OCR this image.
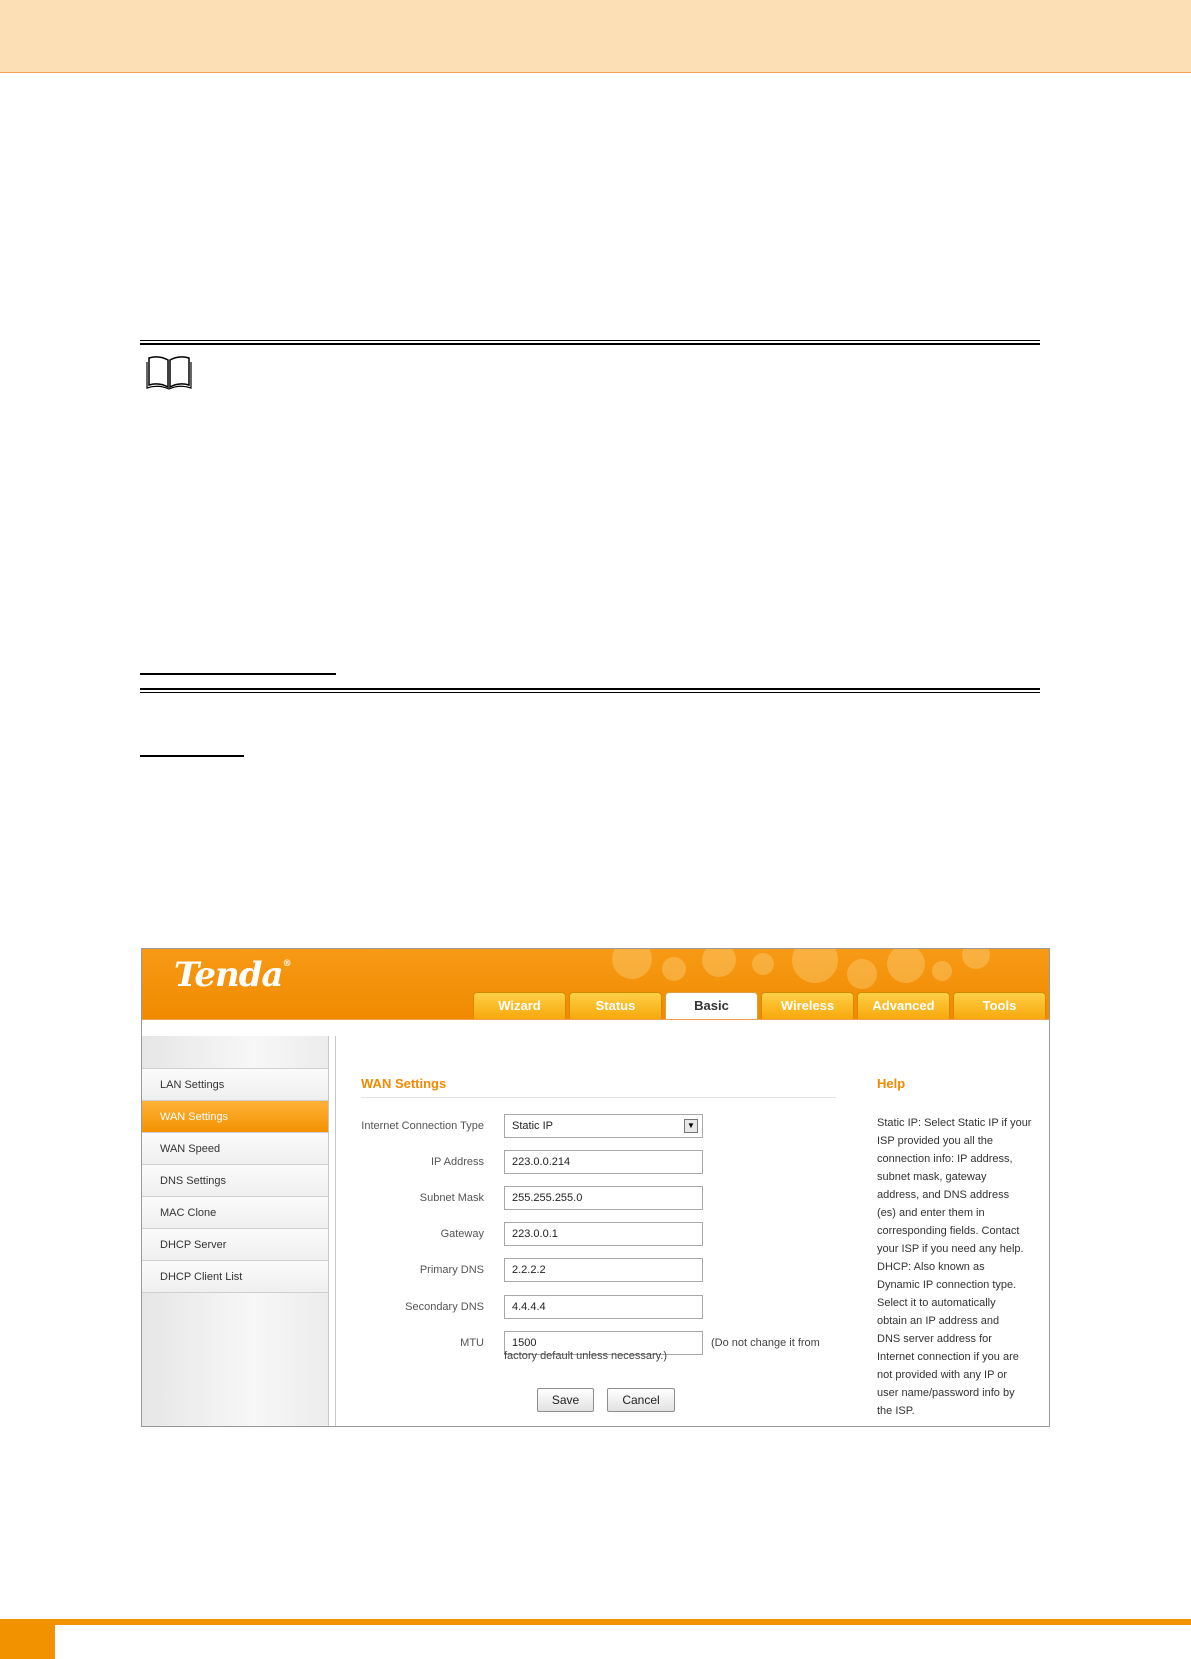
Tenda®
Wizard	Status	Basic	Wireless	Advanced	Tools
LAN Settings
WAN Settings
WAN Speed
DNS Settings
MAC Clone
DHCP Server
DHCP Client List
WAN Settings
Internet Connection Type	Static IP	▼
IP Address	223.0.0.214
Subnet Mask	255.255.255.0
Gateway	223.0.0.1
Primary DNS	2.2.2.2
Secondary DNS	4.4.4.4
MTU	1500	(Do not change it from
factory default unless necessary.)
Save	Cancel
Help
Static IP: Select Static IP if your
ISP provided you all the
connection info: IP address,
subnet mask, gateway
address, and DNS address
(es) and enter them in
corresponding fields. Contact
your ISP if you need any help.
DHCP: Also known as
Dynamic IP connection type.
Select it to automatically
obtain an IP address and
DNS server address for
Internet connection if you are
not provided with any IP or
user name/password info by
the ISP.
